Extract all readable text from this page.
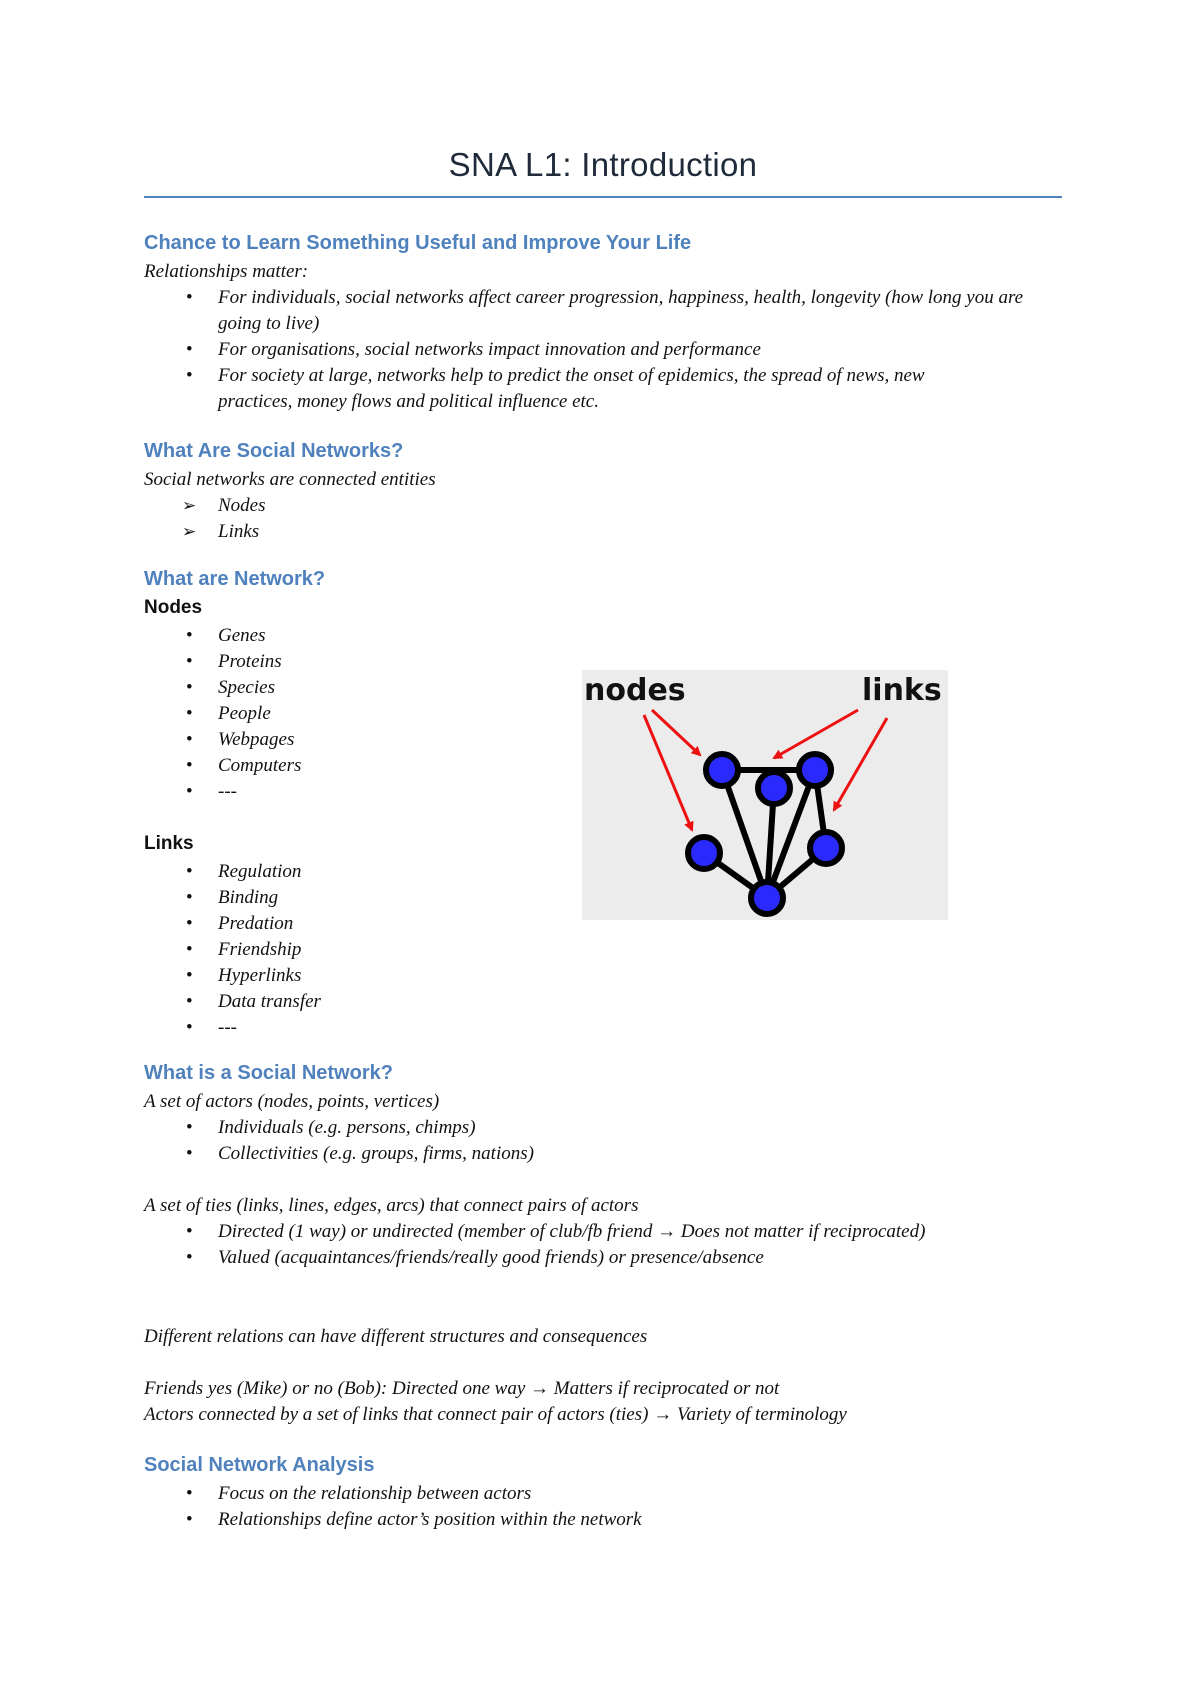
SNA L1: Introduction
Chance to Learn Something Useful and Improve Your Life
Relationships matter:
• For individuals, social networks affect career progression, happiness, health, longevity (how long you are going to live)
• For organisations, social networks impact innovation and performance
• For society at large, networks help to predict the onset of epidemics, the spread of news, new practices, money flows and political influence etc.
What Are Social Networks?
Social networks are connected entities
➢ Nodes
➢ Links
What are Network?
Nodes
• Genes
• Proteins
• Species
• People
• Webpages
• Computers
• ---
Links
• Regulation
• Binding
• Predation
• Friendship
• Hyperlinks
• Data transfer
• ---
nodes	links
What is a Social Network?
A set of actors (nodes, points, vertices)
• Individuals (e.g. persons, chimps)
• Collectivities (e.g. groups, firms, nations)
A set of ties (links, lines, edges, arcs) that connect pairs of actors
• Directed (1 way) or undirected (member of club/fb friend → Does not matter if reciprocated)
• Valued (acquaintances/friends/really good friends) or presence/absence
Different relations can have different structures and consequences
Friends yes (Mike) or no (Bob): Directed one way → Matters if reciprocated or not
Actors connected by a set of links that connect pair of actors (ties) → Variety of terminology
Social Network Analysis
• Focus on the relationship between actors
• Relationships define actor’s position within the network
